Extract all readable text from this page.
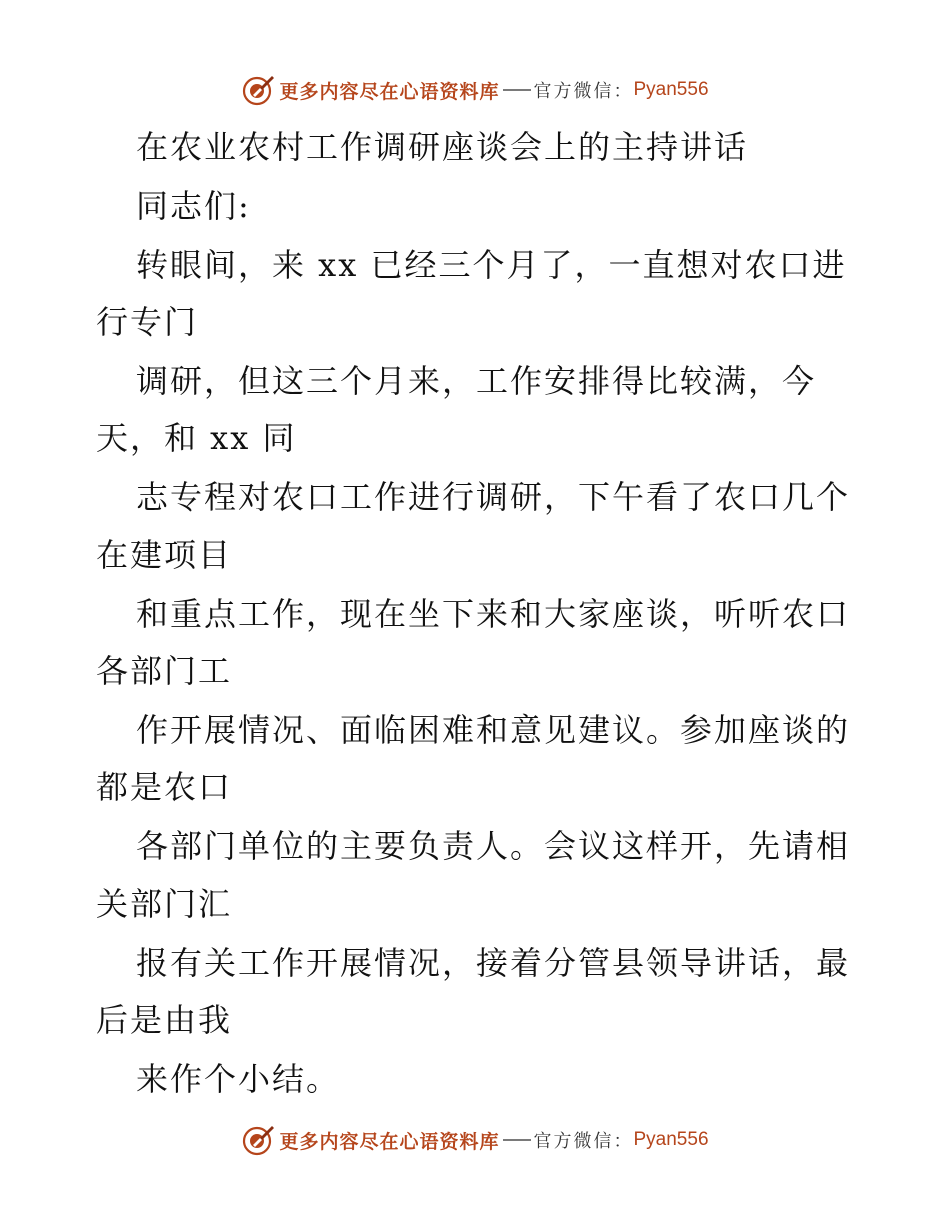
更多内容尽在心语资料库 官方微信： Pyan556
在农业农村工作调研座谈会上的主持讲话
同志们:
转眼间，来 xx 已经三个月了，一直想对农口进
行专门
调研，但这三个月来，工作安排得比较满，今
天，和 xx 同
志专程对农口工作进行调研，下午看了农口几个
在建项目
和重点工作，现在坐下来和大家座谈，听听农口
各部门工
作开展情况、面临困难和意见建议。参加座谈的
都是农口
各部门单位的主要负责人。会议这样开，先请相
关部门汇
报有关工作开展情况，接着分管县领导讲话，最
后是由我
来作个小结。
更多内容尽在心语资料库 官方微信： Pyan556
